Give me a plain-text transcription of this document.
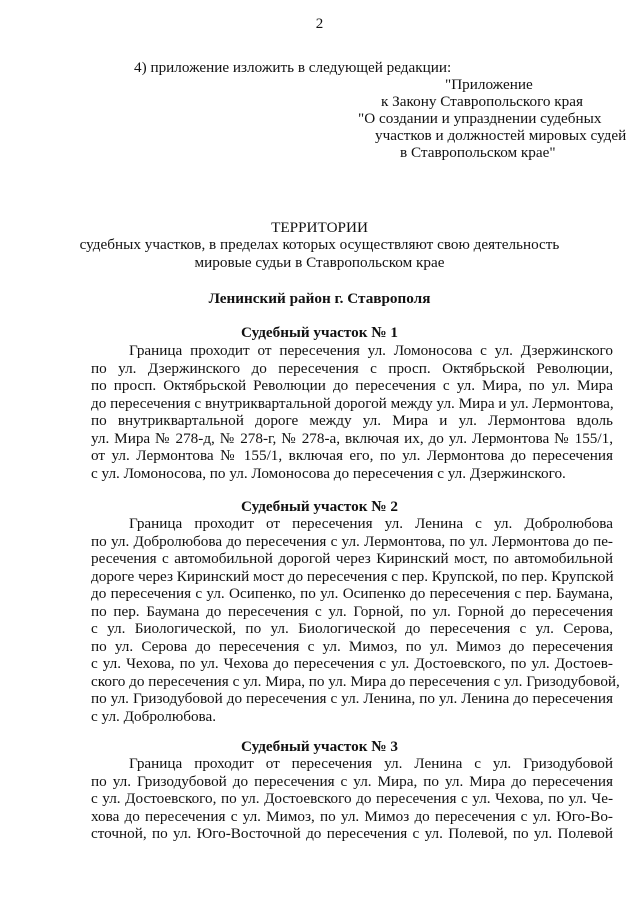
2
4) приложение изложить в следующей редакции:
"Приложение
к Закону Ставропольского края
"О создании и упразднении судебных
участков и должностей мировых судей
в Ставропольском крае"
ТЕРРИТОРИИ
судебных участков, в пределах которых осуществляют свою деятельность
мировые судьи в Ставропольском крае
Ленинский район г. Ставрополя
Судебный участок № 1
Граница проходит от пересечения ул. Ломоносова с ул. Дзержинского
по ул. Дзержинского до пересечения с просп. Октябрьской Революции,
по просп. Октябрьской Революции до пересечения с ул. Мира, по ул. Мира
до пересечения с внутриквартальной дорогой между ул. Мира и ул. Лермонтова,
по внутриквартальной дороге между ул. Мира и ул. Лермонтова вдоль
ул. Мира № 278-д, № 278-г, № 278-а, включая их, до ул. Лермонтова № 155/1,
от ул. Лермонтова № 155/1, включая его, по ул. Лермонтова до пересечения
с ул. Ломоносова, по ул. Ломоносова до пересечения с ул. Дзержинского.
Судебный участок № 2
Граница проходит от пересечения ул. Ленина с ул. Добролюбова
по ул. Добролюбова до пересечения с ул. Лермонтова, по ул. Лермонтова до пе-
ресечения с автомобильной дорогой через Киринский мост, по автомобильной
дороге через Киринский мост до пересечения с пер. Крупской, по пер. Крупской
до пересечения с ул. Осипенко, по ул. Осипенко до пересечения с пер. Баумана,
по пер. Баумана до пересечения с ул. Горной, по ул. Горной до пересечения
с ул. Биологической, по ул. Биологической до пересечения с ул. Серова,
по ул. Серова до пересечения с ул. Мимоз, по ул. Мимоз до пересечения
с ул. Чехова, по ул. Чехова до пересечения с ул. Достоевского, по ул. Достоев-
ского до пересечения с ул. Мира, по ул. Мира до пересечения с ул. Гризодубовой,
по ул. Гризодубовой до пересечения с ул. Ленина, по ул. Ленина до пересечения
с ул. Добролюбова.
Судебный участок № 3
Граница проходит от пересечения ул. Ленина с ул. Гризодубовой
по ул. Гризодубовой до пересечения с ул. Мира, по ул. Мира до пересечения
с ул. Достоевского, по ул. Достоевского до пересечения с ул. Чехова, по ул. Че-
хова до пересечения с ул. Мимоз, по ул. Мимоз до пересечения с ул. Юго-Во-
сточной, по ул. Юго-Восточной до пересечения с ул. Полевой, по ул. Полевой
